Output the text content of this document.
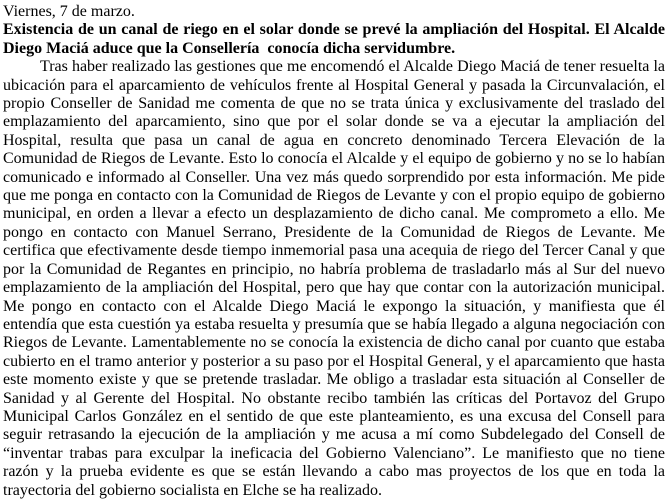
Viernes, 7 de marzo.

Existencia de un canal de riego en el solar donde se prevé la ampliación del Hospital. El Alcalde Diego Maciá aduce que la Consellería  conocía dicha servidumbre.

Tras haber realizado las gestiones que me encomendó el Alcalde Diego Maciá de tener resuelta la ubicación para el aparcamiento de vehículos frente al Hospital General y pasada la Circunvalación, el propio Conseller de Sanidad me comenta de que no se trata única y exclusivamente del traslado del emplazamiento del aparcamiento, sino que por el solar donde se va a ejecutar la ampliación del Hospital, resulta que pasa un canal de agua en concreto denominado Tercera Elevación de la Comunidad de Riegos de Levante. Esto lo conocía el Alcalde y el equipo de gobierno y no se lo habían comunicado e informado al Conseller. Una vez más quedo sorprendido por esta información. Me pide que me ponga en contacto con la Comunidad de Riegos de Levante y con el propio equipo de gobierno municipal, en orden a llevar a efecto un desplazamiento de dicho canal. Me comprometo a ello. Me pongo en contacto con Manuel Serrano, Presidente de la Comunidad de Riegos de Levante. Me certifica que efectivamente desde tiempo inmemorial pasa una acequia de riego del Tercer Canal y que por la Comunidad de Regantes en principio, no habría problema de trasladarlo más al Sur del nuevo emplazamiento de la ampliación del Hospital, pero que hay que contar con la autorización municipal. Me pongo en contacto con el Alcalde Diego Maciá le expongo la situación, y manifiesta que él entendía que esta cuestión ya estaba resuelta y presumía que se había llegado a alguna negociación con Riegos de Levante. Lamentablemente no se conocía la existencia de dicho canal por cuanto que estaba cubierto en el tramo anterior y posterior a su paso por el Hospital General, y el aparcamiento que hasta este momento existe y que se pretende trasladar. Me obligo a trasladar esta situación al Conseller de Sanidad y al Gerente del Hospital. No obstante recibo también las críticas del Portavoz del Grupo Municipal Carlos González en el sentido de que este planteamiento, es una excusa del Consell para seguir retrasando la ejecución de la ampliación y me acusa a mí como Subdelegado del Consell de “inventar trabas para exculpar la ineficacia del Gobierno Valenciano”. Le manifiesto que no tiene razón y la prueba evidente es que se están llevando a cabo mas proyectos de los que en toda la trayectoria del gobierno socialista en Elche se ha realizado.
